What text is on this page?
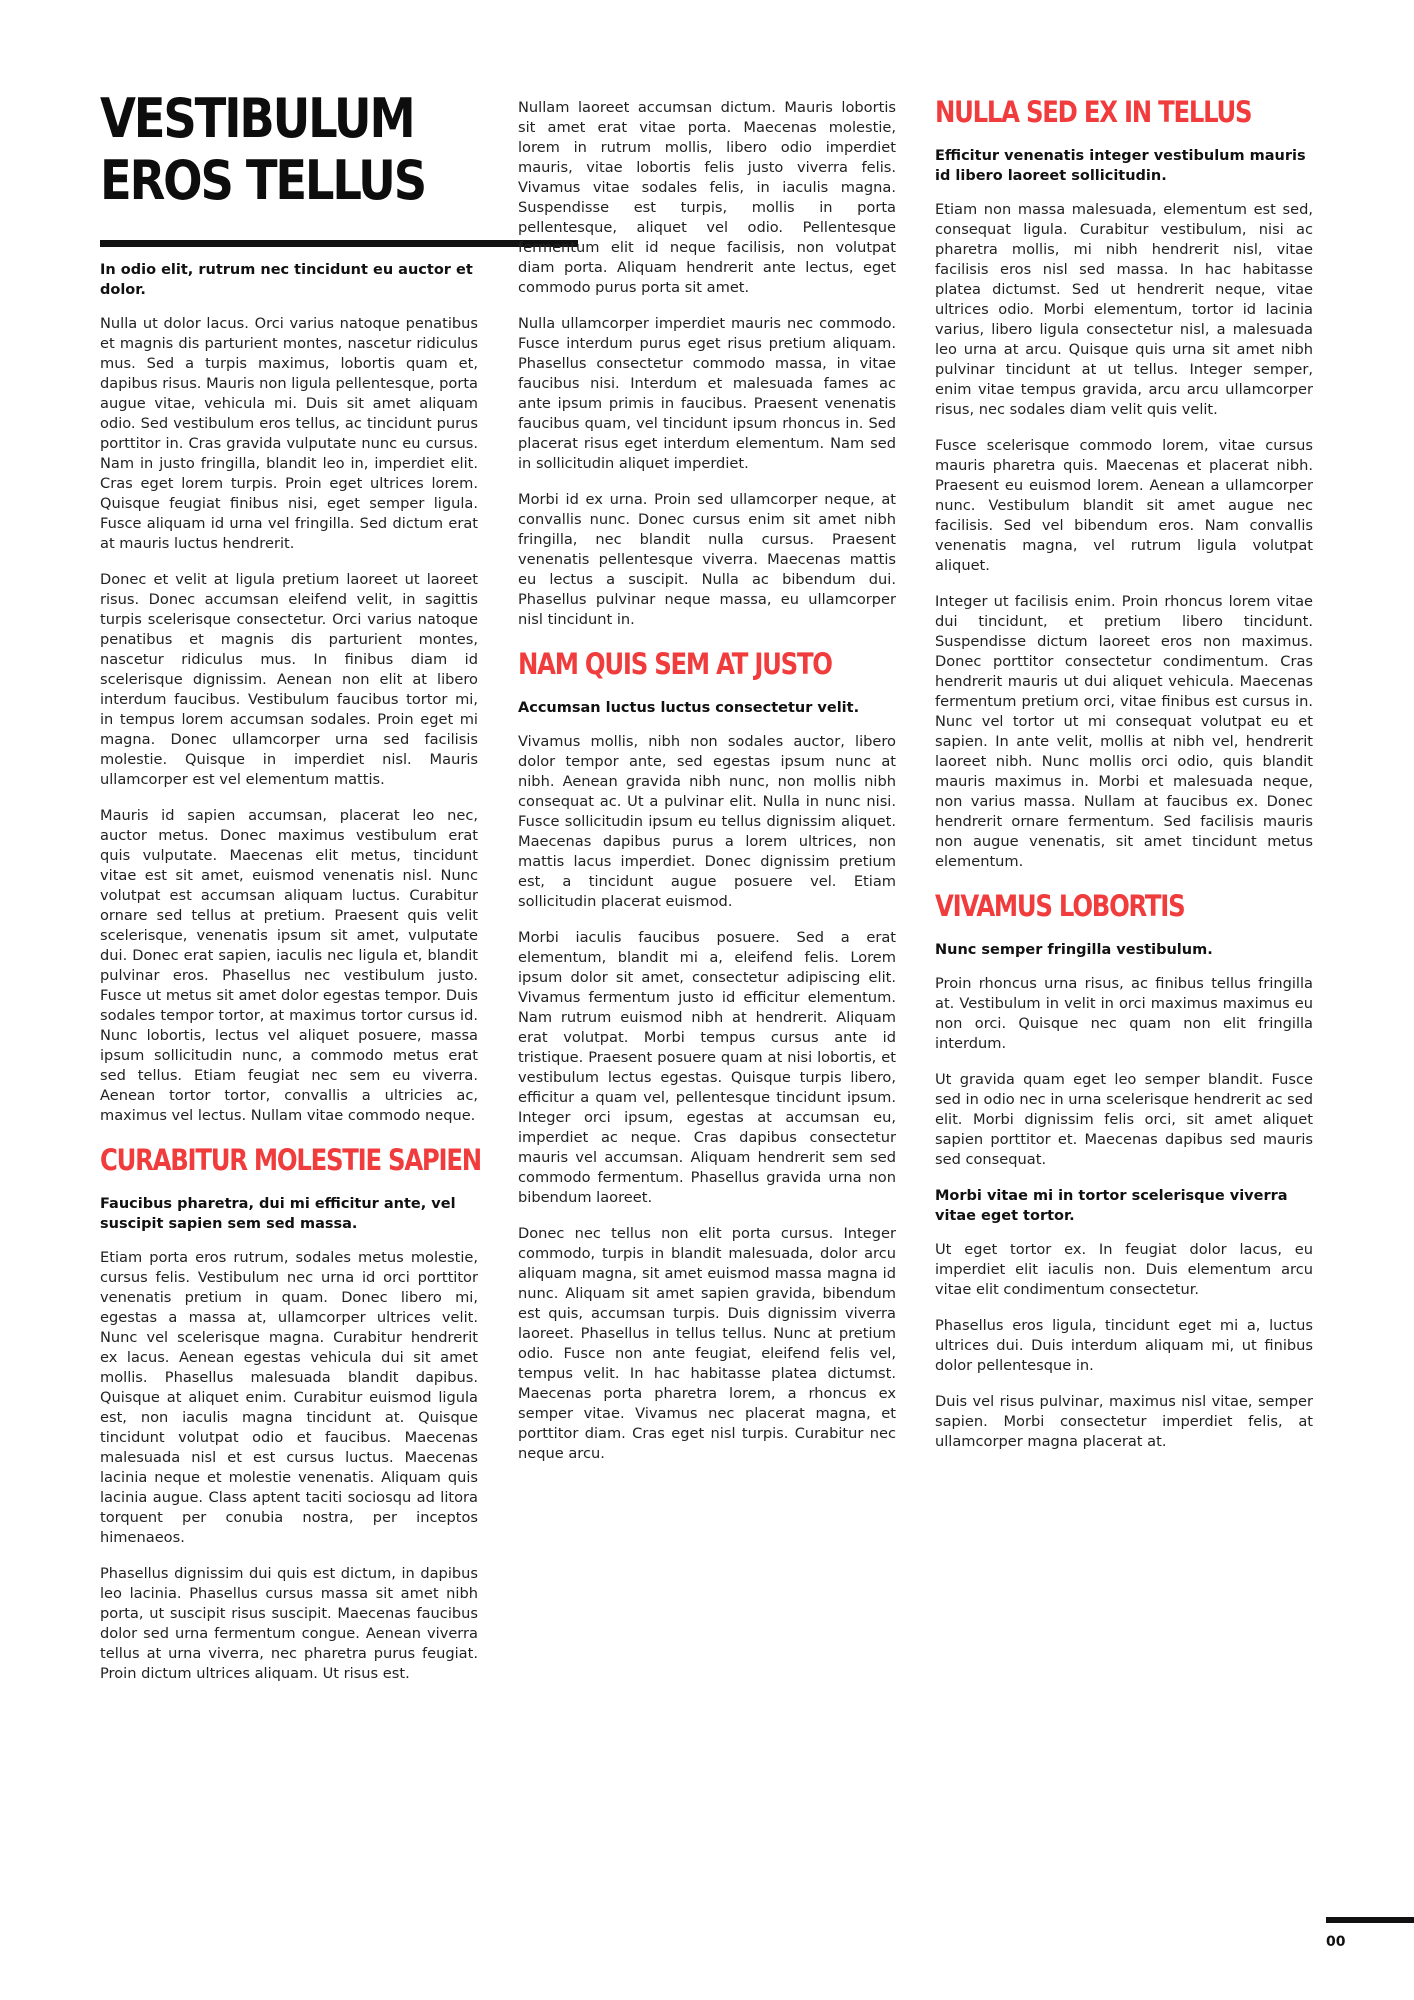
VESTIBULUM EROS TELLUS
In odio elit, rutrum nec tincidunt eu auctor et dolor.

Nulla ut dolor lacus. Orci varius natoque penatibus et magnis dis parturient montes, nascetur ridiculus mus. Sed a turpis maximus, lobortis quam et, dapibus risus. Mauris non ligula pellentesque, porta augue vitae, vehicula mi. Duis sit amet aliquam odio. Sed vestibulum eros tellus, ac tincidunt purus porttitor in. Cras gravida vulputate nunc eu cursus. Nam in justo fringilla, blandit leo in, imperdiet elit. Cras eget lorem turpis. Proin eget ultrices lorem. Quisque feugiat finibus nisi, eget semper ligula. Fusce aliquam id urna vel fringilla. Sed dictum erat at mauris luctus hendrerit.

Donec et velit at ligula pretium laoreet ut laoreet risus. Donec accumsan eleifend velit, in sagittis turpis scelerisque consectetur. Orci varius natoque penatibus et magnis dis parturient montes, nascetur ridiculus mus. In finibus diam id scelerisque dignissim. Aenean non elit at libero interdum faucibus. Vestibulum faucibus tortor mi, in tempus lorem accumsan sodales. Proin eget mi magna. Donec ullamcorper urna sed facilisis molestie. Quisque in imperdiet nisl. Mauris ullamcorper est vel elementum mattis.

Mauris id sapien accumsan, placerat leo nec, auctor metus. Donec maximus vestibulum erat quis vulputate. Maecenas elit metus, tincidunt vitae est sit amet, euismod venenatis nisl. Nunc volutpat est accumsan aliquam luctus. Curabitur ornare sed tellus at pretium. Praesent quis velit scelerisque, venenatis ipsum sit amet, vulputate dui. Donec erat sapien, iaculis nec ligula et, blandit pulvinar eros. Phasellus nec vestibulum justo. Fusce ut metus sit amet dolor egestas tempor. Duis sodales tempor tortor, at maximus tortor cursus id. Nunc lobortis, lectus vel aliquet posuere, massa ipsum sollicitudin nunc, a commodo metus erat sed tellus. Etiam feugiat nec sem eu viverra. Aenean tortor tortor, convallis a ultricies ac, maximus vel lectus. Nullam vitae commodo neque.

CURABITUR MOLESTIE SAPIEN
Faucibus pharetra, dui mi efficitur ante, vel suscipit sapien sem sed massa.

Etiam porta eros rutrum, sodales metus molestie, cursus felis. Vestibulum nec urna id orci porttitor venenatis pretium in quam. Donec libero mi, egestas a massa at, ullamcorper ultrices velit. Nunc vel scelerisque magna. Curabitur hendrerit ex lacus. Aenean egestas vehicula dui sit amet mollis. Phasellus malesuada blandit dapibus. Quisque at aliquet enim. Curabitur euismod ligula est, non iaculis magna tincidunt at. Quisque tincidunt volutpat odio et faucibus. Maecenas malesuada nisl et est cursus luctus. Maecenas lacinia neque et molestie venenatis. Aliquam quis lacinia augue. Class aptent taciti sociosqu ad litora torquent per conubia nostra, per inceptos himenaeos.

Phasellus dignissim dui quis est dictum, in dapibus leo lacinia. Phasellus cursus massa sit amet nibh porta, ut suscipit risus suscipit. Maecenas faucibus dolor sed urna fermentum congue. Aenean viverra tellus at urna viverra, nec pharetra purus feugiat. Proin dictum ultrices aliquam. Ut risus est.

Nullam laoreet accumsan dictum. Mauris lobortis sit amet erat vitae porta. Maecenas molestie, lorem in rutrum mollis, libero odio imperdiet mauris, vitae lobortis felis justo viverra felis. Vivamus vitae sodales felis, in iaculis magna. Suspendisse est turpis, mollis in porta pellentesque, aliquet vel odio. Pellentesque fermentum elit id neque facilisis, non volutpat diam porta. Aliquam hendrerit ante lectus, eget commodo purus porta sit amet.

Nulla ullamcorper imperdiet mauris nec commodo. Fusce interdum purus eget risus pretium aliquam. Phasellus consectetur commodo massa, in vitae faucibus nisi. Interdum et malesuada fames ac ante ipsum primis in faucibus. Praesent venenatis faucibus quam, vel tincidunt ipsum rhoncus in. Sed placerat risus eget interdum elementum. Nam sed in sollicitudin aliquet imperdiet.

Morbi id ex urna. Proin sed ullamcorper neque, at convallis nunc. Donec cursus enim sit amet nibh fringilla, nec blandit nulla cursus. Praesent venenatis pellentesque viverra. Maecenas mattis eu lectus a suscipit. Nulla ac bibendum dui. Phasellus pulvinar neque massa, eu ullamcorper nisl tincidunt in.

NAM QUIS SEM AT JUSTO
Accumsan luctus luctus consectetur velit.

Vivamus mollis, nibh non sodales auctor, libero dolor tempor ante, sed egestas ipsum nunc at nibh. Aenean gravida nibh nunc, non mollis nibh consequat ac. Ut a pulvinar elit. Nulla in nunc nisi. Fusce sollicitudin ipsum eu tellus dignissim aliquet. Maecenas dapibus purus a lorem ultrices, non mattis lacus imperdiet. Donec dignissim pretium est, a tincidunt augue posuere vel. Etiam sollicitudin placerat euismod.

Morbi iaculis faucibus posuere. Sed a erat elementum, blandit mi a, eleifend felis. Lorem ipsum dolor sit amet, consectetur adipiscing elit. Vivamus fermentum justo id efficitur elementum. Nam rutrum euismod nibh at hendrerit. Aliquam erat volutpat. Morbi tempus cursus ante id tristique. Praesent posuere quam at nisi lobortis, et vestibulum lectus egestas. Quisque turpis libero, efficitur a quam vel, pellentesque tincidunt ipsum. Integer orci ipsum, egestas at accumsan eu, imperdiet ac neque. Cras dapibus consectetur mauris vel accumsan. Aliquam hendrerit sem sed commodo fermentum. Phasellus gravida urna non bibendum laoreet.

Donec nec tellus non elit porta cursus. Integer commodo, turpis in blandit malesuada, dolor arcu aliquam magna, sit amet euismod massa magna id nunc. Aliquam sit amet sapien gravida, bibendum est quis, accumsan turpis. Duis dignissim viverra laoreet. Phasellus in tellus tellus. Nunc at pretium odio. Fusce non ante feugiat, eleifend felis vel, tempus velit. In hac habitasse platea dictumst. Maecenas porta pharetra lorem, a rhoncus ex semper vitae. Vivamus nec placerat magna, et porttitor diam. Cras eget nisl turpis. Curabitur nec neque arcu.

NULLA SED EX IN TELLUS
Efficitur venenatis integer vestibulum mauris id libero laoreet sollicitudin.

Etiam non massa malesuada, elementum est sed, consequat ligula. Curabitur vestibulum, nisi ac pharetra mollis, mi nibh hendrerit nisl, vitae facilisis eros nisl sed massa. In hac habitasse platea dictumst. Sed ut hendrerit neque, vitae ultrices odio. Morbi elementum, tortor id lacinia varius, libero ligula consectetur nisl, a malesuada leo urna at arcu. Quisque quis urna sit amet nibh pulvinar tincidunt at ut tellus. Integer semper, enim vitae tempus gravida, arcu arcu ullamcorper risus, nec sodales diam velit quis velit.

Fusce scelerisque commodo lorem, vitae cursus mauris pharetra quis. Maecenas et placerat nibh. Praesent eu euismod lorem. Aenean a ullamcorper nunc. Vestibulum blandit sit amet augue nec facilisis. Sed vel bibendum eros. Nam convallis venenatis magna, vel rutrum ligula volutpat aliquet.

Integer ut facilisis enim. Proin rhoncus lorem vitae dui tincidunt, et pretium libero tincidunt. Suspendisse dictum laoreet eros non maximus. Donec porttitor consectetur condimentum. Cras hendrerit mauris ut dui aliquet vehicula. Maecenas fermentum pretium orci, vitae finibus est cursus in. Nunc vel tortor ut mi consequat volutpat eu et sapien. In ante velit, mollis at nibh vel, hendrerit laoreet nibh. Nunc mollis orci odio, quis blandit mauris maximus in. Morbi et malesuada neque, non varius massa. Nullam at faucibus ex. Donec hendrerit ornare fermentum. Sed facilisis mauris non augue venenatis, sit amet tincidunt metus elementum.

VIVAMUS LOBORTIS
Nunc semper fringilla vestibulum.

Proin rhoncus urna risus, ac finibus tellus fringilla at. Vestibulum in velit in orci maximus maximus eu non orci. Quisque nec quam non elit fringilla interdum.

Ut gravida quam eget leo semper blandit. Fusce sed in odio nec in urna scelerisque hendrerit ac sed elit. Morbi dignissim felis orci, sit amet aliquet sapien porttitor et. Maecenas dapibus sed mauris sed consequat.

Morbi vitae mi in tortor scelerisque viverra vitae eget tortor.

Ut eget tortor ex. In feugiat dolor lacus, eu imperdiet elit iaculis non. Duis elementum arcu vitae elit condimentum consectetur.

Phasellus eros ligula, tincidunt eget mi a, luctus ultrices dui. Duis interdum aliquam mi, ut finibus dolor pellentesque in.

Duis vel risus pulvinar, maximus nisl vitae, semper sapien. Morbi consectetur imperdiet felis, at ullamcorper magna placerat at.

00
